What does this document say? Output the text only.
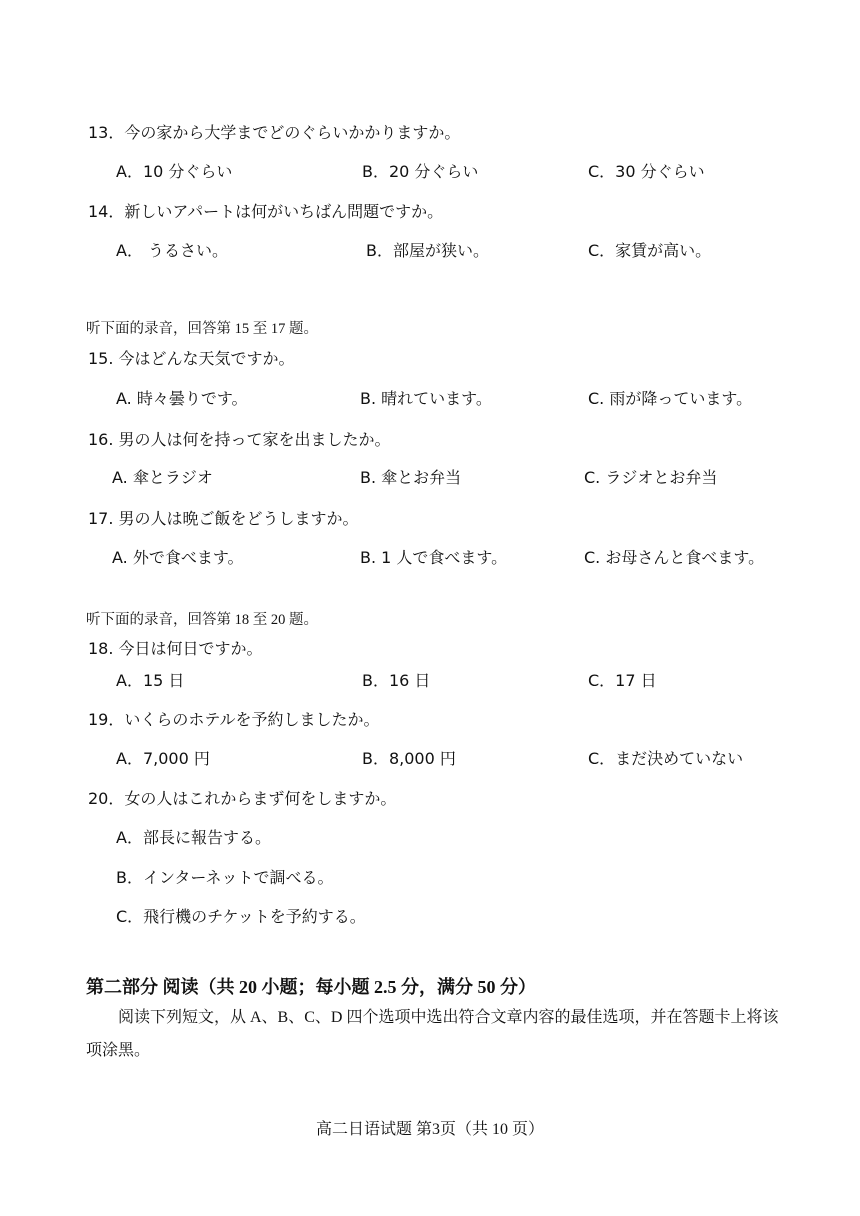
13．今の家から大学までどのぐらいかかりますか。
A．10 分ぐらい	B．20 分ぐらい	C．30 分ぐらい
14．新しいアパートは何がいちばん問題ですか。
A． うるさい。	B．部屋が狭い。	C．家賃が高い。
听下面的录音，回答第 15 至 17 题。
15. 今はどんな天気ですか。
A. 時々曇りです。	B. 晴れています。	C. 雨が降っています。
16. 男の人は何を持って家を出ましたか。
A. 傘とラジオ	B. 傘とお弁当	C. ラジオとお弁当
17. 男の人は晩ご飯をどうしますか。
A. 外で食べます。	B. 1 人で食べます。	C. お母さんと食べます。
听下面的录音，回答第 18 至 20 题。
18. 今日は何日ですか。
A．15 日	B．16 日	C．17 日
19．いくらのホテルを予約しましたか。
A．7,000 円	B．8,000 円	C．まだ決めていない
20．女の人はこれからまず何をしますか。
A．部長に報告する。
B．インターネットで調べる。
C．飛行機のチケットを予約する。
第二部分 阅读（共 20 小题；每小题 2.5 分，满分 50 分）
阅读下列短文，从 A、B、C、D 四个选项中选出符合文章内容的最佳选项，并在答题卡上将该项涂黑。
高二日语试题 第3页（共 10 页）
